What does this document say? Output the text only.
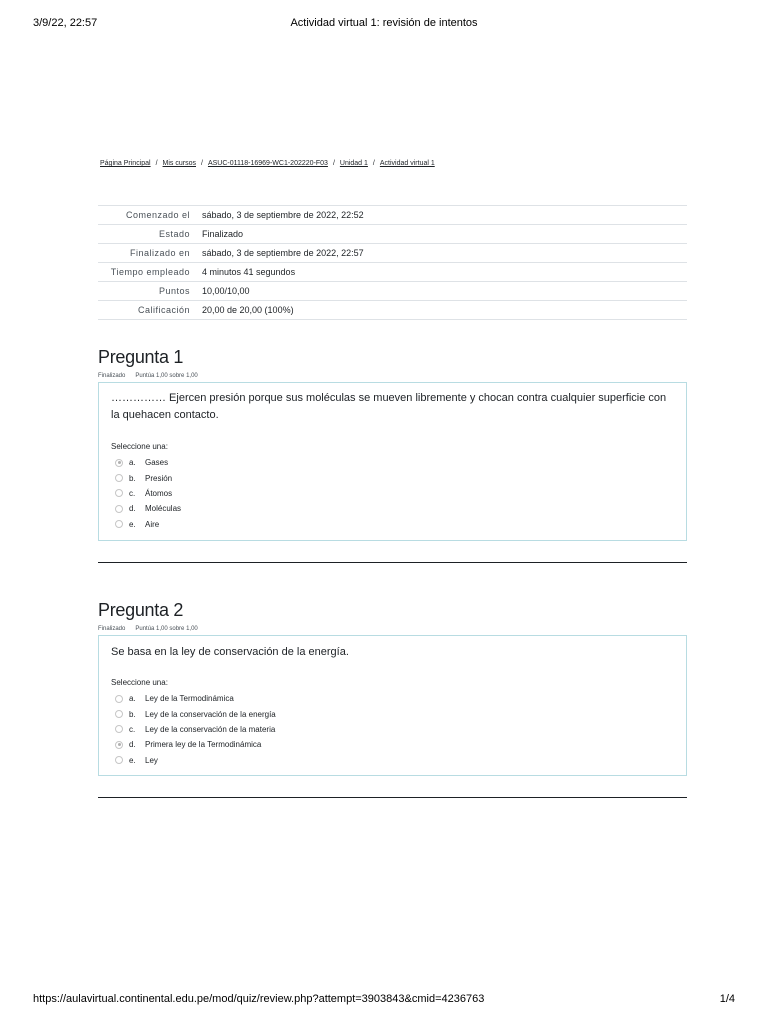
3/9/22, 22:57	Actividad virtual 1: revisión de intentos
Página Principal / Mis cursos / ASUC-01118-16969-WC1-202220-F03 / Unidad 1 / Actividad virtual 1
Comenzado el	sábado, 3 de septiembre de 2022, 22:52
Estado	Finalizado
Finalizado en	sábado, 3 de septiembre de 2022, 22:57
Tiempo empleado	4 minutos 41 segundos
Puntos	10,00/10,00
Calificación	20,00 de 20,00 (100%)
Pregunta 1
Finalizado Puntúa 1,00 sobre 1,00
…………… Ejercen presión porque sus moléculas se mueven libremente y chocan contra cualquier superficie con la quehacen contacto.
Seleccione una:
a.	Gases
b.	Presión
c.	Átomos
d.	Moléculas
e.	Aire
Pregunta 2
Finalizado Puntúa 1,00 sobre 1,00
Se basa en la ley de conservación de la energía.
Seleccione una:
a.	Ley de la Termodinámica
b.	Ley de la conservación de la energía
c.	Ley de la conservación de la materia
d.	Primera ley de la Termodinámica
e.	Ley
https://aulavirtual.continental.edu.pe/mod/quiz/review.php?attempt=3903843&cmid=4236763	1/4
